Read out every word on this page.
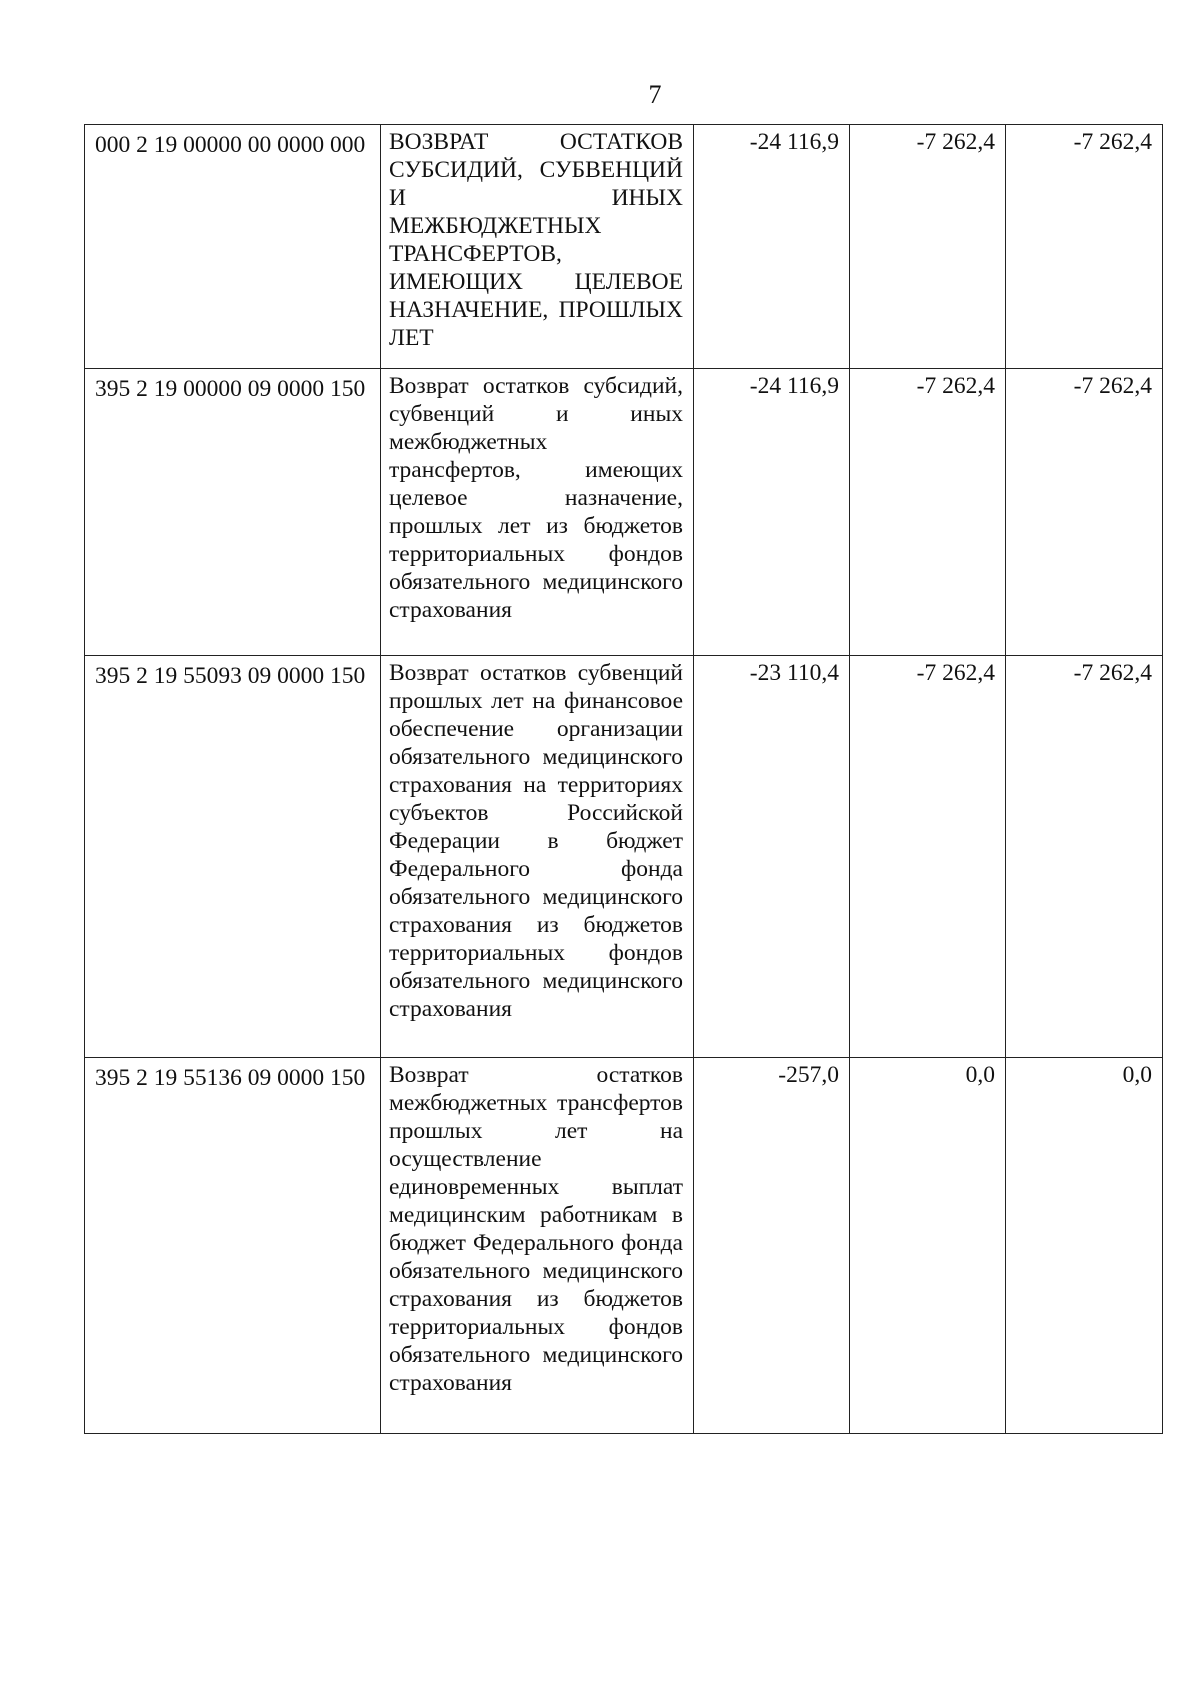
7
000 2 19 00000 00 0000 000	ВОЗВРАТ ОСТАТКОВ СУБСИДИЙ, СУБВЕНЦИЙ И ИНЫХ МЕЖБЮДЖЕТНЫХ ТРАНСФЕРТОВ, ИМЕЮЩИХ ЦЕЛЕВОЕ НАЗНАЧЕНИЕ, ПРОШЛЫХ ЛЕТ	-24 116,9	-7 262,4	-7 262,4
395 2 19 00000 09 0000 150	Возврат остатков субсидий, субвенций и иных межбюджетных трансфертов, имеющих целевое назначение, прошлых лет из бюджетов территориальных фондов обязательного медицинского страхования	-24 116,9	-7 262,4	-7 262,4
395 2 19 55093 09 0000 150	Возврат остатков субвенций прошлых лет на финансовое обеспечение организации обязательного медицинского страхования на территориях субъектов Российской Федерации в бюджет Федерального фонда обязательного медицинского страхования из бюджетов территориальных фондов обязательного медицинского страхования	-23 110,4	-7 262,4	-7 262,4
395 2 19 55136 09 0000 150	Возврат остатков межбюджетных трансфертов прошлых лет на осуществление единовременных выплат медицинским работникам в бюджет Федерального фонда обязательного медицинского страхования из бюджетов территориальных фондов обязательного медицинского страхования	-257,0	0,0	0,0
